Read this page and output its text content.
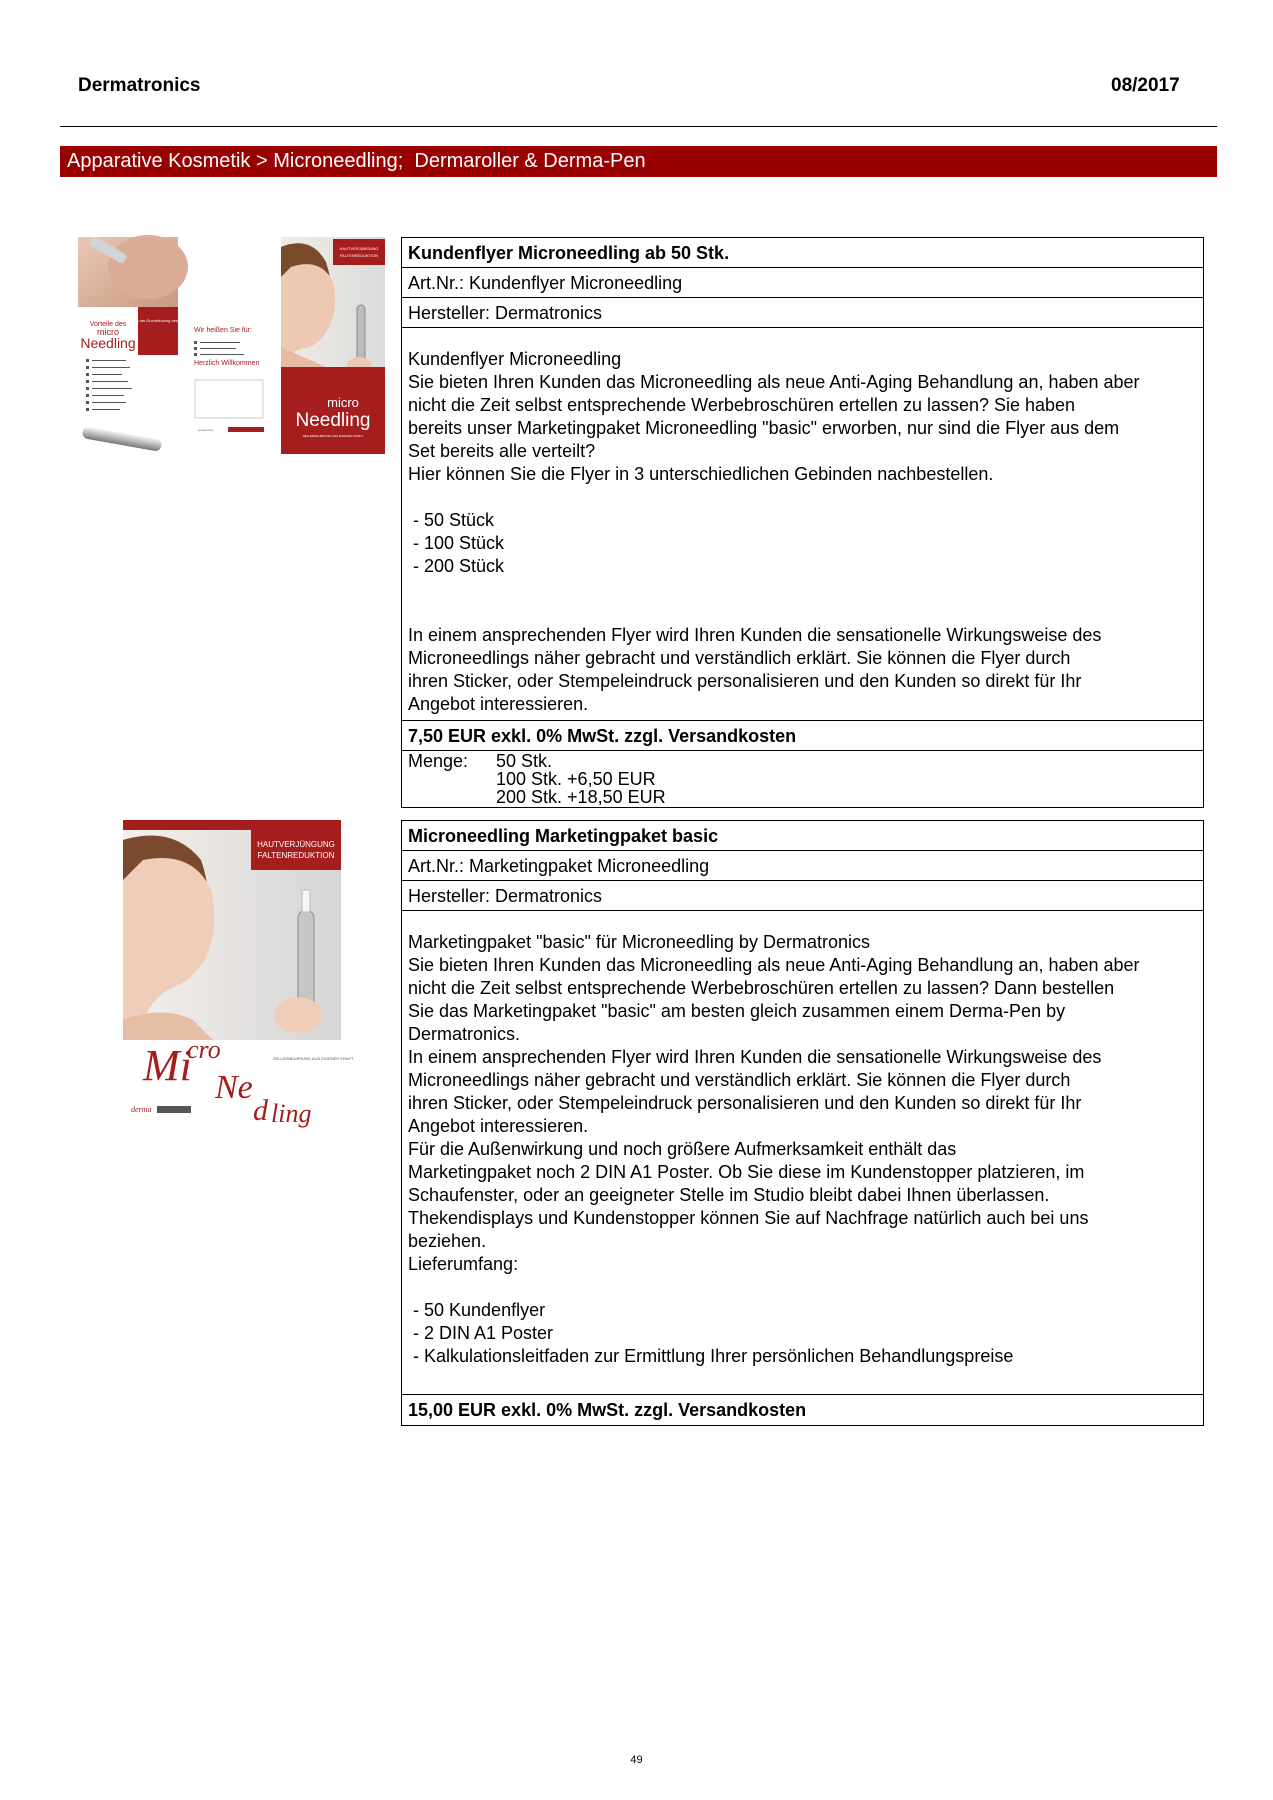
Dermatronics	08/2017
Apparative Kosmetik > Microneedling;  Dermaroller & Derma-Pen
Förderung der Durchblutung des Gewebes
Vorteile des
micro
Needling
Wir heißen Sie für:
Herzlich Willkommen
powered by
HAUTVERJÜNGUNG
FALTENREDUKTION
micro
Needling
ZELLERNEUERUNG AUS EIGENER KRAFT
Kundenflyer Microneedling ab 50 Stk.
Art.Nr.: Kundenflyer Microneedling
Hersteller: Dermatronics

Kundenflyer Microneedling

Sie bieten Ihren Kunden das Microneedling als neue Anti-Aging Behandlung an, haben aber

nicht die Zeit selbst entsprechende Werbebroschüren ertellen zu lassen? Sie haben

bereits unser Marketingpaket Microneedling "basic" erworben, nur sind die Flyer aus dem

Set bereits alle verteilt?

Hier können Sie die Flyer in 3 unterschiedlichen Gebinden nachbestellen.

- 50 Stück

- 100 Stück

- 200 Stück

In einem ansprechenden Flyer wird Ihren Kunden die sensationelle Wirkungsweise des

Microneedlings näher gebracht und verständlich erklärt. Sie können die Flyer durch

ihren Sticker, oder Stempeleindruck personalisieren und den Kunden so direkt für Ihr

Angebot interessieren.

7,50 EUR exkl. 0% MwSt. zzgl. Versandkosten
Menge:	50 Stk.
100 Stk. +6,50 EUR
200 Stk. +18,50 EUR
HAUTVERJÜNGUNG
FALTENREDUKTION
Mi
cro
Ne
d ling
ZELLERNEUERUNG AUS EIGENER KRAFT
derma
Microneedling Marketingpaket basic
Art.Nr.: Marketingpaket Microneedling
Hersteller: Dermatronics

Marketingpaket "basic" für Microneedling by Dermatronics

Sie bieten Ihren Kunden das Microneedling als neue Anti-Aging Behandlung an, haben aber

nicht die Zeit selbst entsprechende Werbebroschüren ertellen zu lassen? Dann bestellen

Sie das Marketingpaket "basic" am besten gleich zusammen einem Derma-Pen by

Dermatronics.

In einem ansprechenden Flyer wird Ihren Kunden die sensationelle Wirkungsweise des

Microneedlings näher gebracht und verständlich erklärt. Sie können die Flyer durch

ihren Sticker, oder Stempeleindruck personalisieren und den Kunden so direkt für Ihr

Angebot interessieren.

Für die Außenwirkung und noch größere Aufmerksamkeit enthält das

Marketingpaket noch 2 DIN A1 Poster. Ob Sie diese im Kundenstopper platzieren, im

Schaufenster, oder an geeigneter Stelle im Studio bleibt dabei Ihnen überlassen.

Thekendisplays und Kundenstopper können Sie auf Nachfrage natürlich auch bei uns

beziehen.

Lieferumfang:

- 50 Kundenflyer

- 2 DIN A1 Poster

- Kalkulationsleitfaden zur Ermittlung Ihrer persönlichen Behandlungspreise

15,00 EUR exkl. 0% MwSt. zzgl. Versandkosten
49
